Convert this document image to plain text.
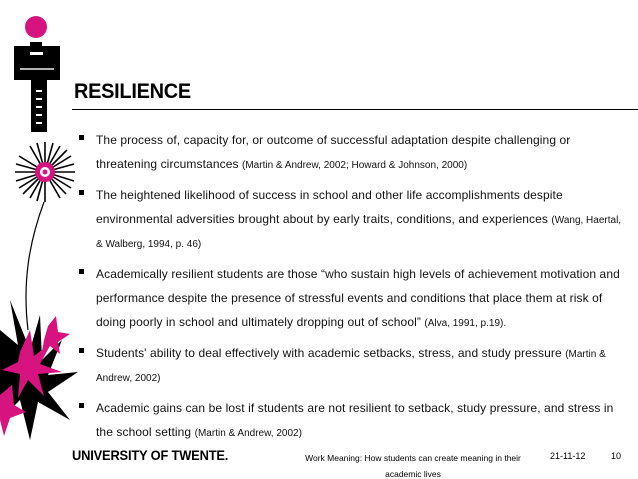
RESILIENCE
The process of, capacity for, or outcome of successful adaptation despite challenging or threatening circumstances (Martin & Andrew, 2002; Howard & Johnson, 2000)
The heightened likelihood of success in school and other life accomplishments despite environmental adversities brought about by early traits, conditions, and experiences (Wang, Haertal, & Walberg, 1994, p. 46)
Academically resilient students are those “who sustain high levels of achievement motivation and performance despite the presence of stressful events and conditions that place them at risk of doing poorly in school and ultimately dropping out of school” (Alva, 1991, p.19).
Students' ability to deal effectively with academic setbacks, stress, and study pressure (Martin & Andrew, 2002)
Academic gains can be lost if students are not resilient to setback, study pressure, and stress in the school setting (Martin & Andrew, 2002)
UNIVERSITY OF TWENTE.	Work Meaning: How students can create meaning in their academic lives
21-11-12	10
